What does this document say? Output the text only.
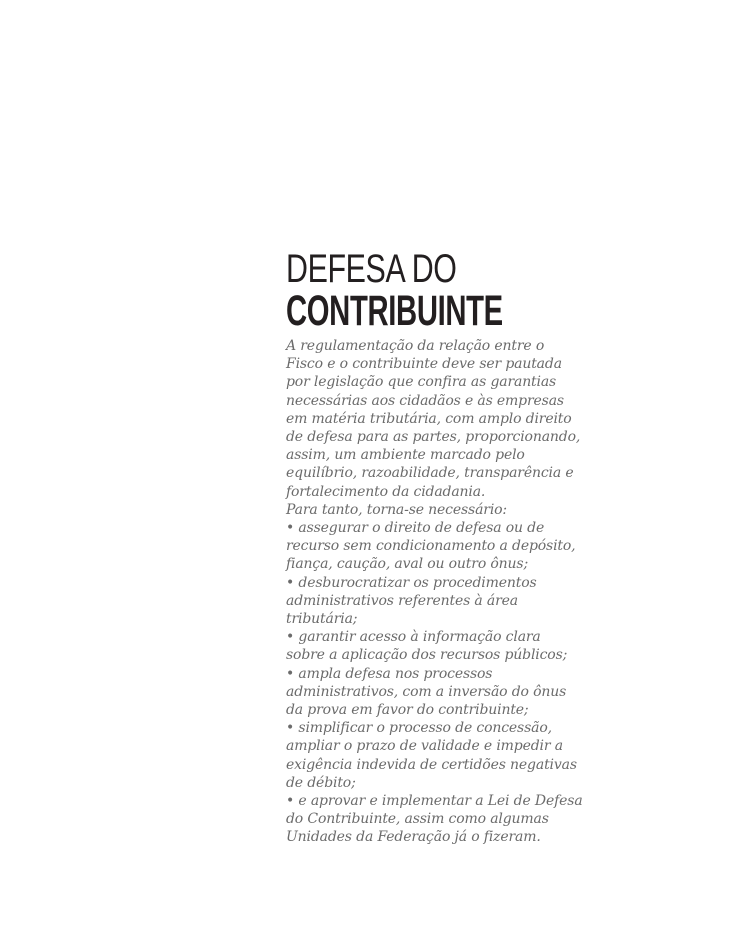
DEFESA DO
CONTRIBUINTE
A regulamentação da relação entre o
Fisco e o contribuinte deve ser pautada
por legislação que confira as garantias
necessárias aos cidadãos e às empresas
em matéria tributária, com amplo direito
de defesa para as partes, proporcionando,
assim, um ambiente marcado pelo
equilíbrio, razoabilidade, transparência e
fortalecimento da cidadania.
Para tanto, torna-se necessário:
• assegurar o direito de defesa ou de
recurso sem condicionamento a depósito,
fiança, caução, aval ou outro ônus;
• desburocratizar os procedimentos
administrativos referentes à área
tributária;
• garantir acesso à informação clara
sobre a aplicação dos recursos públicos;
• ampla defesa nos processos
administrativos, com a inversão do ônus
da prova em favor do contribuinte;
• simplificar o processo de concessão,
ampliar o prazo de validade e impedir a
exigência indevida de certidões negativas
de débito;
• e aprovar e implementar a Lei de Defesa
do Contribuinte, assim como algumas
Unidades da Federação já o fizeram.
